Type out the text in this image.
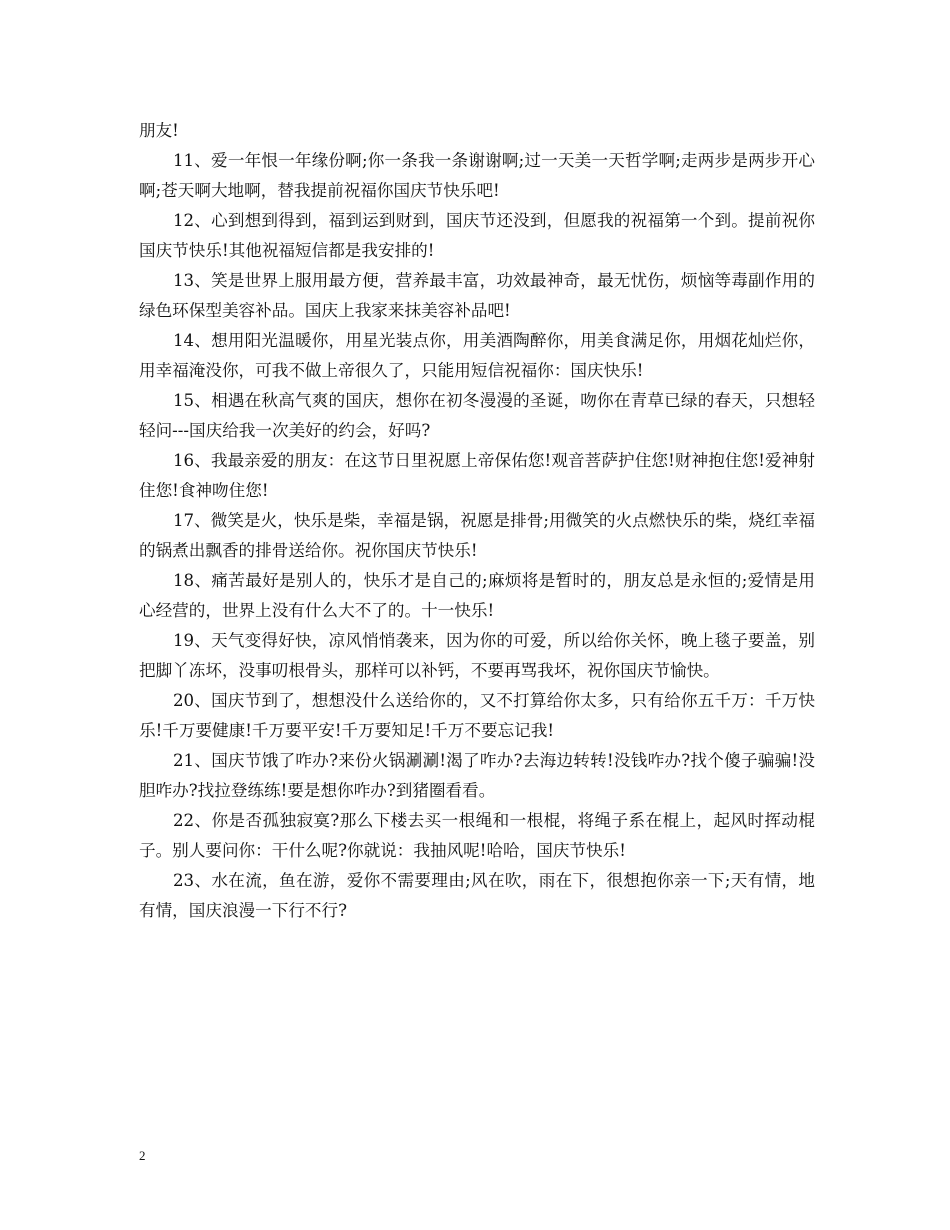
朋友!

11、爱一年恨一年缘份啊;你一条我一条谢谢啊;过一天美一天哲学啊;走两步是两步开心啊;苍天啊大地啊，替我提前祝福你国庆节快乐吧!

12、心到想到得到，福到运到财到，国庆节还没到，但愿我的祝福第一个到。提前祝你国庆节快乐!其他祝福短信都是我安排的!

13、笑是世界上服用最方便，营养最丰富，功效最神奇，最无忧伤，烦恼等毒副作用的绿色环保型美容补品。国庆上我家来抹美容补品吧!

14、想用阳光温暖你，用星光装点你，用美酒陶醉你，用美食满足你，用烟花灿烂你，用幸福淹没你，可我不做上帝很久了，只能用短信祝福你：国庆快乐!

15、相遇在秋高气爽的国庆，想你在初冬漫漫的圣诞，吻你在青草已绿的春天，只想轻轻问---国庆给我一次美好的约会，好吗?

16、我最亲爱的朋友：在这节日里祝愿上帝保佑您!观音菩萨护住您!财神抱住您!爱神射住您!食神吻住您!

17、微笑是火，快乐是柴，幸福是锅，祝愿是排骨;用微笑的火点燃快乐的柴，烧红幸福的锅煮出飘香的排骨送给你。祝你国庆节快乐!

18、痛苦最好是别人的，快乐才是自己的;麻烦将是暂时的，朋友总是永恒的;爱情是用心经营的，世界上没有什么大不了的。十一快乐!

19、天气变得好快，凉风悄悄袭来，因为你的可爱，所以给你关怀，晚上毯子要盖，别把脚丫冻坏，没事叨根骨头，那样可以补钙，不要再骂我坏，祝你国庆节愉快。

20、国庆节到了，想想没什么送给你的，又不打算给你太多，只有给你五千万：千万快乐!千万要健康!千万要平安!千万要知足!千万不要忘记我!

21、国庆节饿了咋办?来份火锅涮涮!渴了咋办?去海边转转!没钱咋办?找个傻子骗骗!没胆咋办?找拉登练练!要是想你咋办?到猪圈看看。

22、你是否孤独寂寞?那么下楼去买一根绳和一根棍，将绳子系在棍上，起风时挥动棍子。别人要问你：干什么呢?你就说：我抽风呢!哈哈，国庆节快乐!

23、水在流，鱼在游，爱你不需要理由;风在吹，雨在下，很想抱你亲一下;天有情，地有情，国庆浪漫一下行不行?

2
